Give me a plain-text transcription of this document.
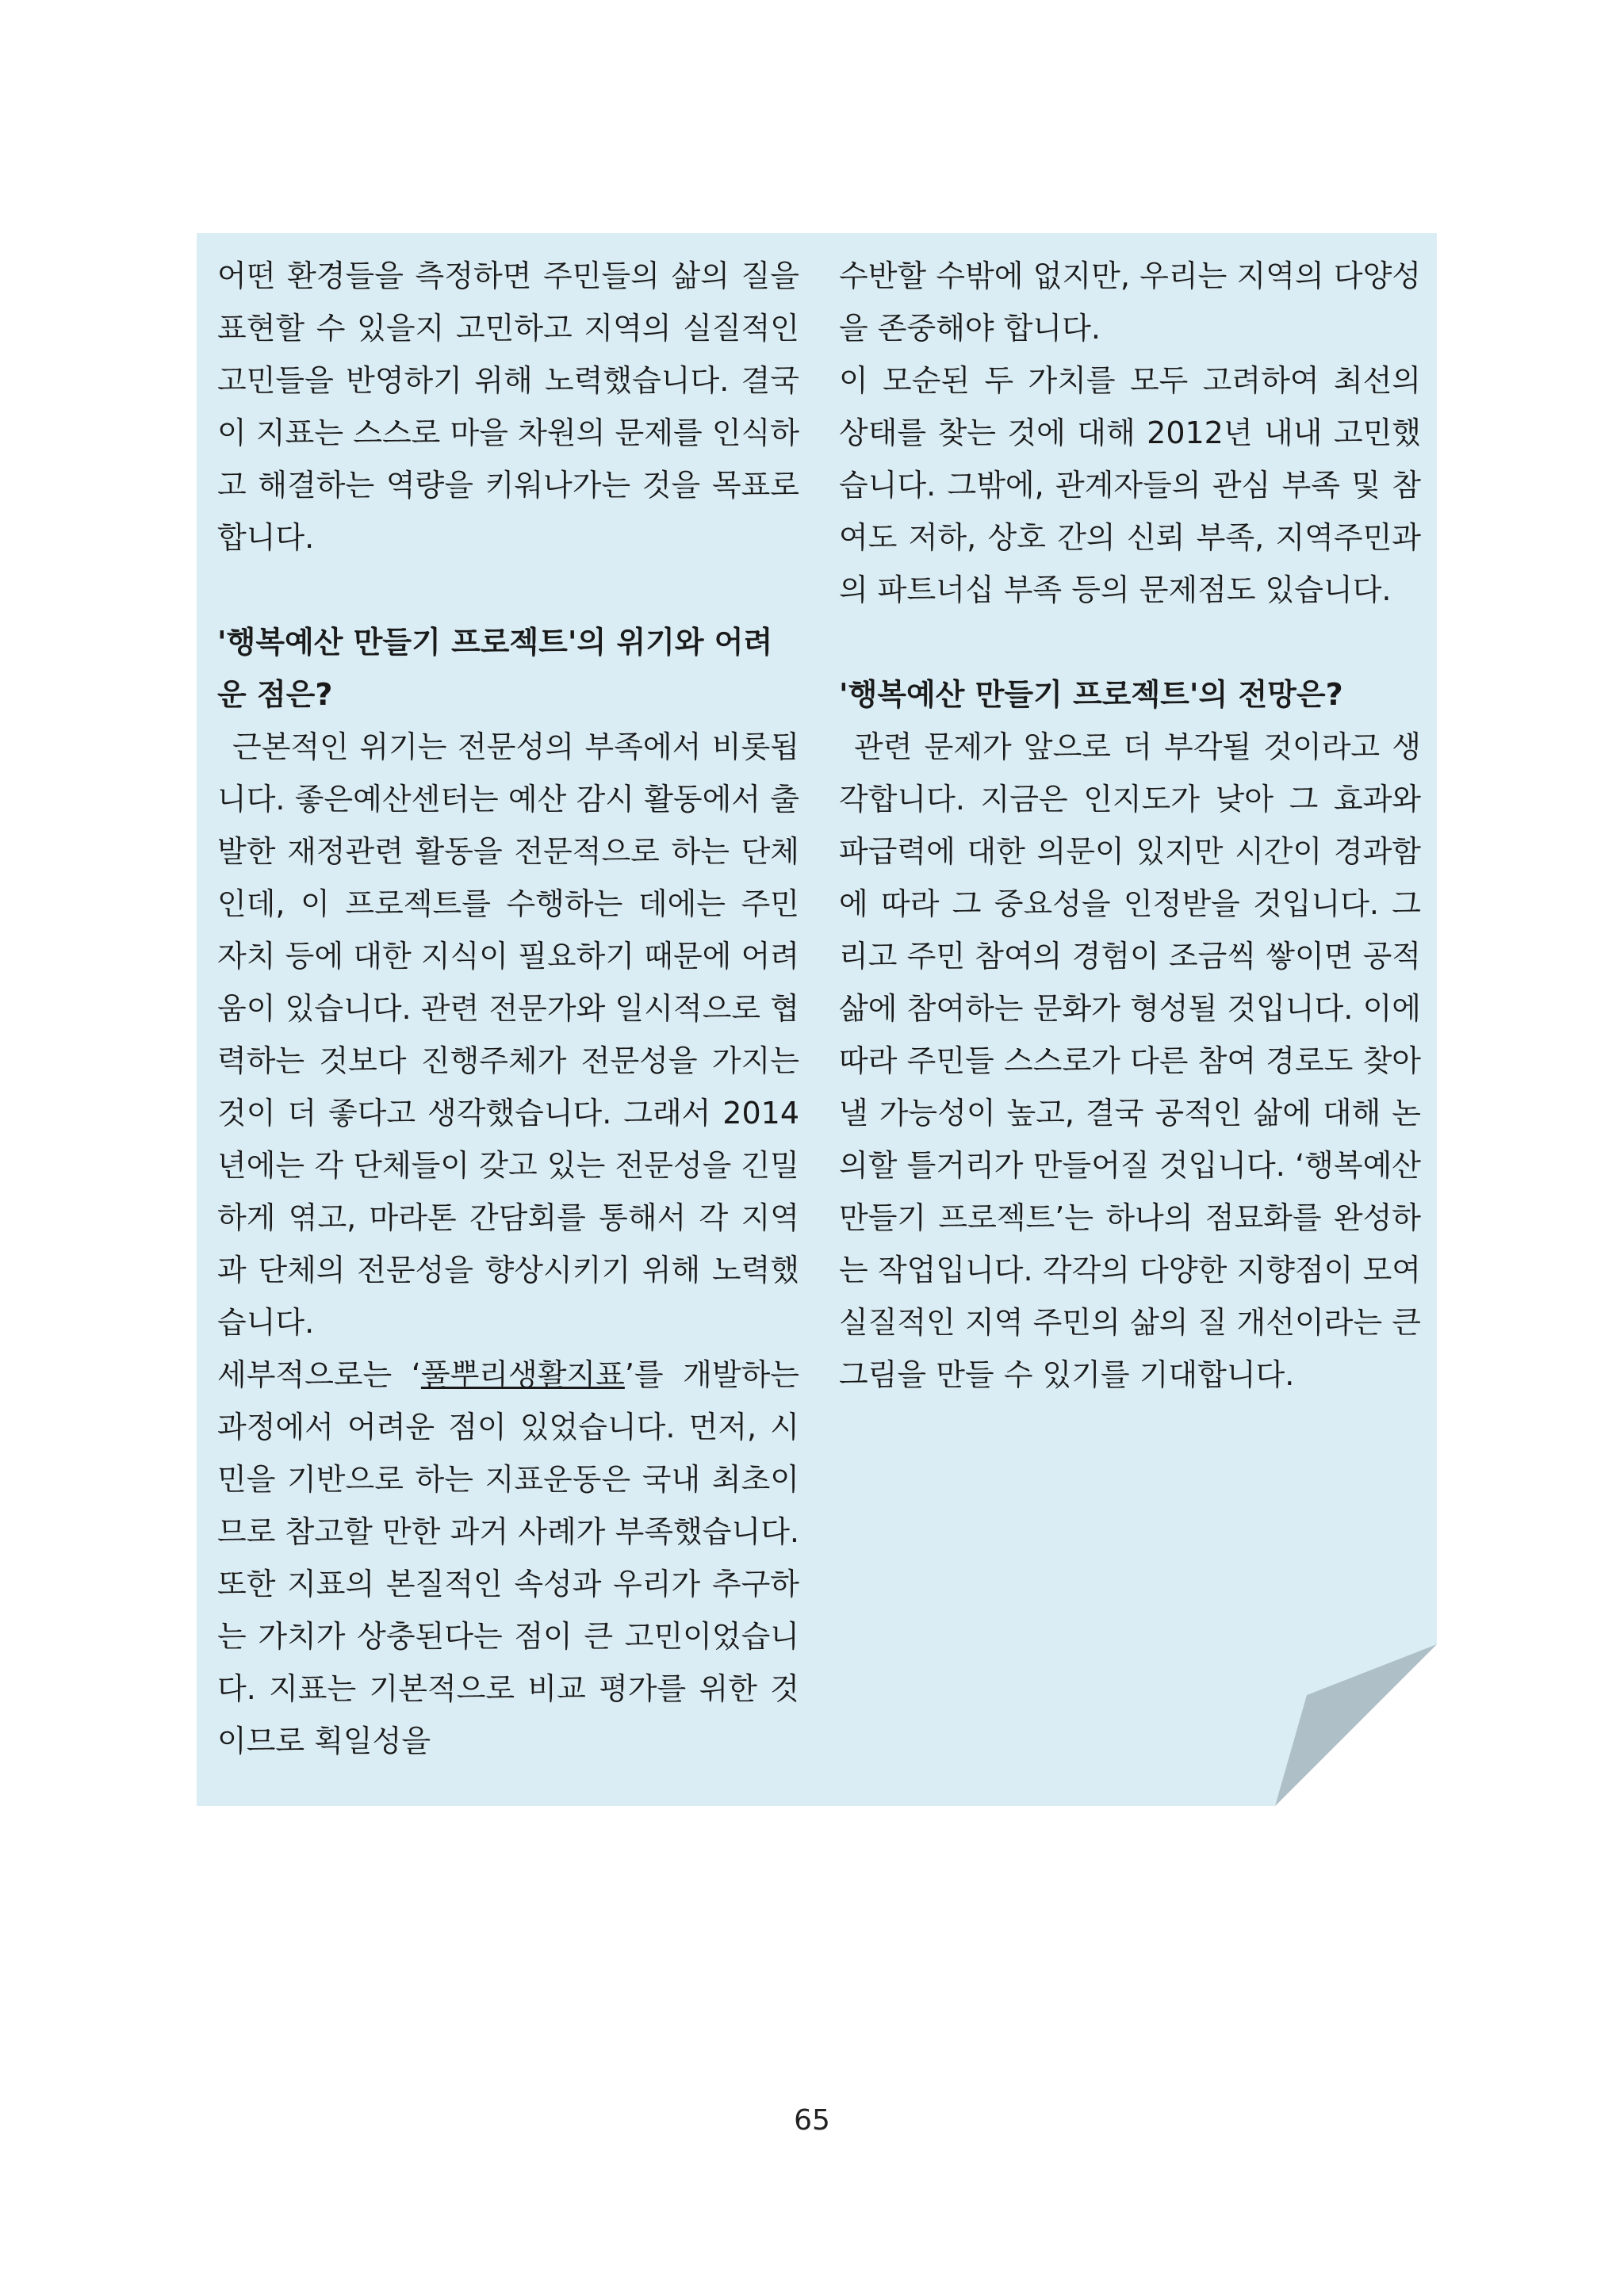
어떤 환경들을 측정하면 주민들의 삶의 질을 표현할 수 있을지 고민하고 지역의 실질적인 고민들을 반영하기 위해 노력했습니다. 결국 이 지표는 스스로 마을 차원의 문제를 인식하고 해결하는 역량을 키워나가는 것을 목표로 합니다.

'행복예산 만들기 프로젝트'의 위기와 어려운 점은?

근본적인 위기는 전문성의 부족에서 비롯됩니다. 좋은예산센터는 예산 감시 활동에서 출발한 재정관련 활동을 전문적으로 하는 단체인데, 이 프로젝트를 수행하는 데에는 주민 자치 등에 대한 지식이 필요하기 때문에 어려움이 있습니다. 관련 전문가와 일시적으로 협력하는 것보다 진행주체가 전문성을 가지는 것이 더 좋다고 생각했습니다. 그래서 2014년에는 각 단체들이 갖고 있는 전문성을 긴밀하게 엮고, 마라톤 간담회를 통해서 각 지역과 단체의 전문성을 향상시키기 위해 노력했습니다.

세부적으로는 ‘풀뿌리생활지표’를 개발하는 과정에서 어려운 점이 있었습니다. 먼저, 시민을 기반으로 하는 지표운동은 국내 최초이므로 참고할 만한 과거 사례가 부족했습니다. 또한 지표의 본질적인 속성과 우리가 추구하는 가치가 상충된다는 점이 큰 고민이었습니다. 지표는 기본적으로 비교 평가를 위한 것이므로 획일성을

수반할 수밖에 없지만, 우리는 지역의 다양성을 존중해야 합니다.

이 모순된 두 가치를 모두 고려하여 최선의 상태를 찾는 것에 대해 2012년 내내 고민했습니다. 그밖에, 관계자들의 관심 부족 및 참여도 저하, 상호 간의 신뢰 부족, 지역주민과의 파트너십 부족 등의 문제점도 있습니다.

'행복예산 만들기 프로젝트'의 전망은?

관련 문제가 앞으로 더 부각될 것이라고 생각합니다. 지금은 인지도가 낮아 그 효과와 파급력에 대한 의문이 있지만 시간이 경과함에 따라 그 중요성을 인정받을 것입니다. 그리고 주민 참여의 경험이 조금씩 쌓이면 공적 삶에 참여하는 문화가 형성될 것입니다. 이에 따라 주민들 스스로가 다른 참여 경로도 찾아낼 가능성이 높고, 결국 공적인 삶에 대해 논의할 틀거리가 만들어질 것입니다. ‘행복예산 만들기 프로젝트’는 하나의 점묘화를 완성하는 작업입니다. 각각의 다양한 지향점이 모여 실질적인 지역 주민의 삶의 질 개선이라는 큰 그림을 만들 수 있기를 기대합니다.

65
